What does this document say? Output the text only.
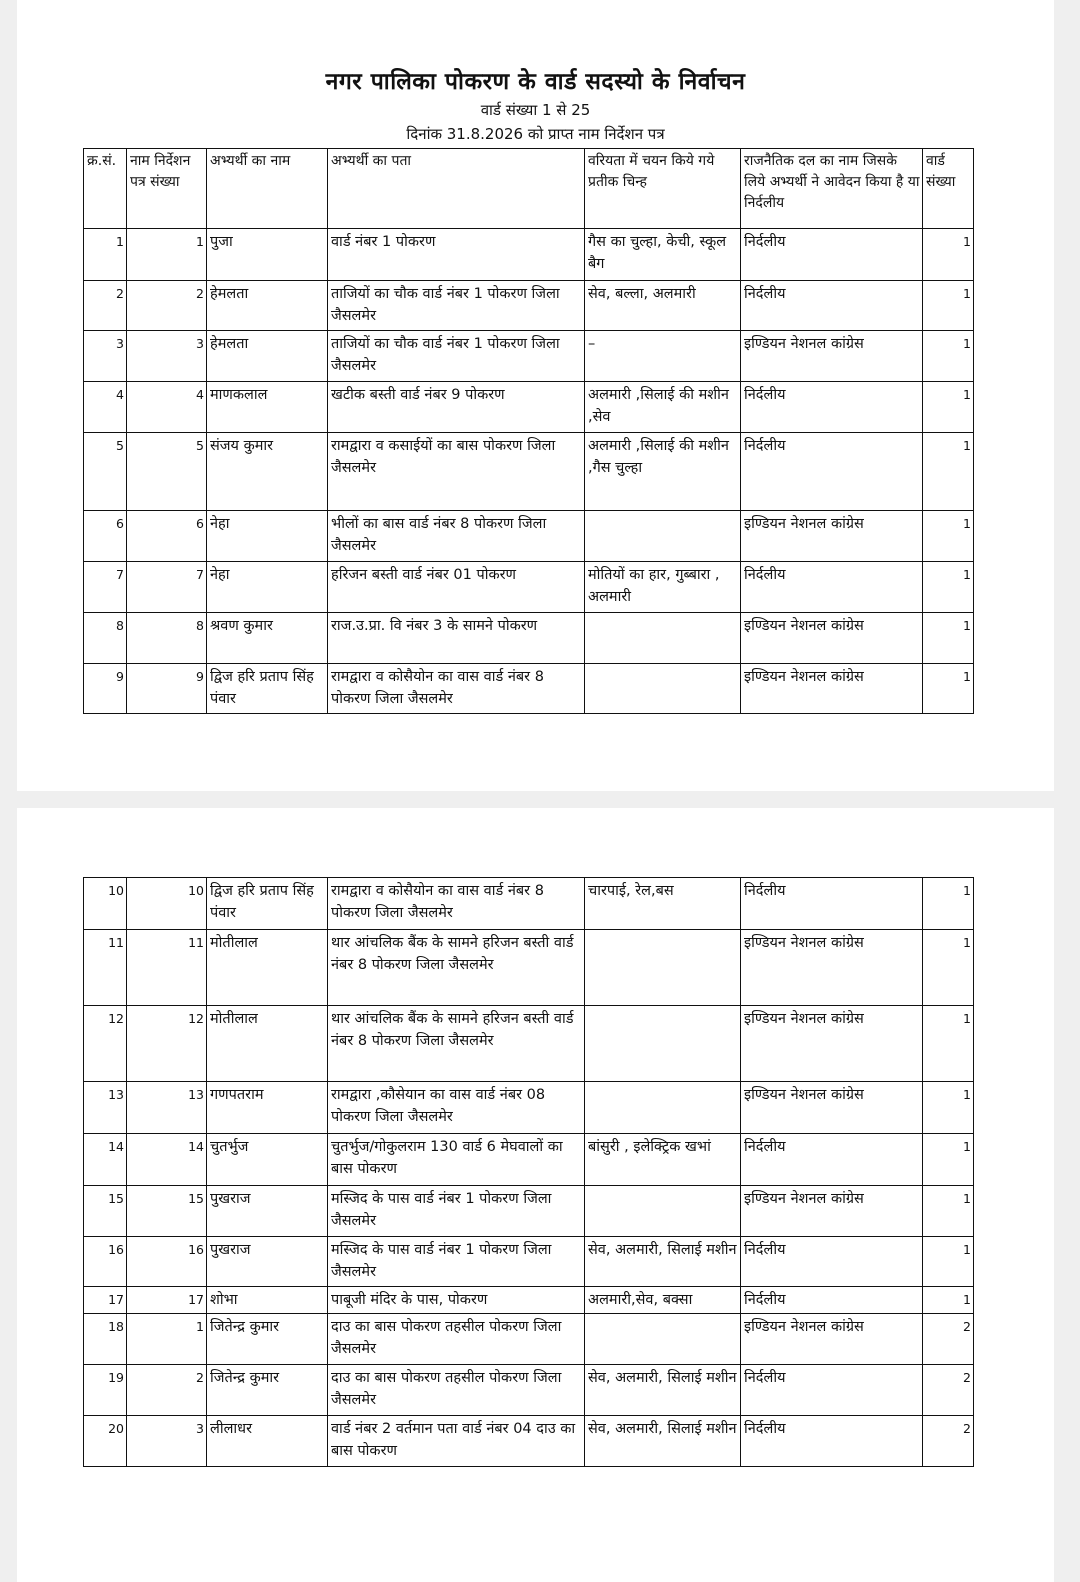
नगर पालिका पोकरण के वार्ड सदस्यो के निर्वाचन
वार्ड संख्या 1 से 25
दिनांक 31.8.2026 को प्राप्त नाम निर्देशन पत्र
क्र.सं.	नाम निर्देशन पत्र संख्या	अभ्यर्थी का नाम	अभ्यर्थी का पता	वरियता में चयन किये गये प्रतीक चिन्ह	राजनैतिक दल का नाम जिसके लिये अभ्यर्थी ने आवेदन किया है या निर्दलीय	वार्ड संख्या
1	1	पुजा	वार्ड नंबर 1 पोकरण	गैस का चुल्हा, केची, स्कूल बैग	निर्दलीय	1
2	2	हेमलता	ताजियों का चौक वार्ड नंबर 1 पोकरण जिला जैसलमेर	सेव, बल्ला, अलमारी	निर्दलीय	1
3	3	हेमलता	ताजियों का चौक वार्ड नंबर 1 पोकरण जिला जैसलमेर	–	इण्डियन नेशनल कांग्रेस	1
4	4	माणकलाल	खटीक बस्ती वार्ड नंबर 9 पोकरण	अलमारी ,सिलाई की मशीन ,सेव	निर्दलीय	1
5	5	संजय कुमार	रामद्वारा व कसाईयों का बास पोकरण जिला जैसलमेर	अलमारी ,सिलाई की मशीन ,गैस चुल्हा	निर्दलीय	1
6	6	नेहा	भीलों का बास वार्ड नंबर 8 पोकरण जिला जैसलमेर		इण्डियन नेशनल कांग्रेस	1
7	7	नेहा	हरिजन बस्ती वार्ड नंबर 01 पोकरण	मोतियों का हार, गुब्बारा , अलमारी	निर्दलीय	1
8	8	श्रवण कुमार	राज.उ.प्रा. वि नंबर 3 के सामने पोकरण		इण्डियन नेशनल कांग्रेस	1
9	9	द्विज हरि प्रताप सिंह पंवार	रामद्वारा व कोसैयोन का वास वार्ड नंबर 8 पोकरण जिला जैसलमेर		इण्डियन नेशनल कांग्रेस	1
10	10	द्विज हरि प्रताप सिंह पंवार	रामद्वारा व कोसैयोन का वास वार्ड नंबर 8 पोकरण जिला जैसलमेर	चारपाई, रेल,बस	निर्दलीय	1
11	11	मोतीलाल	थार आंचलिक बैंक के सामने हरिजन बस्ती वार्ड नंबर 8 पोकरण जिला जैसलमेर		इण्डियन नेशनल कांग्रेस	1
12	12	मोतीलाल	थार आंचलिक बैंक के सामने हरिजन बस्ती वार्ड नंबर 8 पोकरण जिला जैसलमेर		इण्डियन नेशनल कांग्रेस	1
13	13	गणपतराम	रामद्वारा ,कौसेयान का वास वार्ड नंबर 08 पोकरण जिला जैसलमेर		इण्डियन नेशनल कांग्रेस	1
14	14	चुतर्भुज	चुतर्भुज/गोकुलराम 130 वार्ड 6 मेघवालों का बास पोकरण	बांसुरी , इलेक्ट्रिक खभां	निर्दलीय	1
15	15	पुखराज	मस्जिद के पास वार्ड नंबर 1 पोकरण जिला जैसलमेर		इण्डियन नेशनल कांग्रेस	1
16	16	पुखराज	मस्जिद के पास वार्ड नंबर 1 पोकरण जिला जैसलमेर	सेव, अलमारी, सिलाई मशीन	निर्दलीय	1
17	17	शोभा	पाबूजी मंदिर के पास, पोकरण	अलमारी,सेव, बक्सा	निर्दलीय	1
18	1	जितेन्द्र कुमार	दाउ का बास पोकरण तहसील पोकरण जिला जैसलमेर		इण्डियन नेशनल कांग्रेस	2
19	2	जितेन्द्र कुमार	दाउ का बास पोकरण तहसील पोकरण जिला जैसलमेर	सेव, अलमारी, सिलाई मशीन	निर्दलीय	2
20	3	लीलाधर	वार्ड नंबर 2 वर्तमान पता वार्ड नंबर 04 दाउ का बास पोकरण	सेव, अलमारी, सिलाई मशीन	निर्दलीय	2
